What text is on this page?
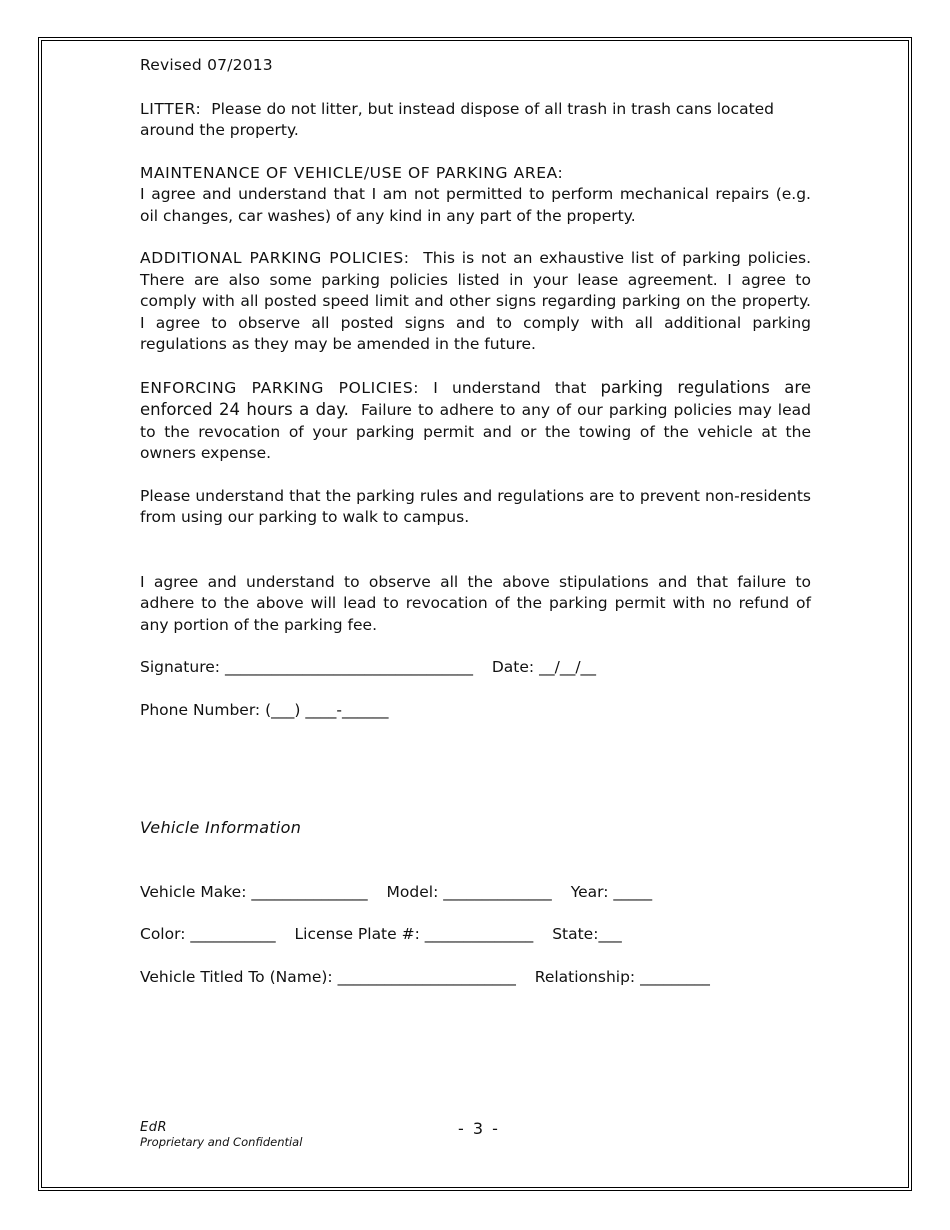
Revised 07/2013

LITTER: Please do not litter, but instead dispose of all trash in trash cans located around the property.

MAINTENANCE OF VEHICLE/USE OF PARKING AREA:
I agree and understand that I am not permitted to perform mechanical repairs (e.g. oil changes, car washes) of any kind in any part of the property.

ADDITIONAL PARKING POLICIES: This is not an exhaustive list of parking policies. There are also some parking policies listed in your lease agreement. I agree to comply with all posted speed limit and other signs regarding parking on the property. I agree to observe all posted signs and to comply with all additional parking regulations as they may be amended in the future.

ENFORCING PARKING POLICIES: I understand that parking regulations are enforced 24 hours a day. Failure to adhere to any of our parking policies may lead to the revocation of your parking permit and or the towing of the vehicle at the owners expense.

Please understand that the parking rules and regulations are to prevent non-residents from using our parking to walk to campus.

I agree and understand to observe all the above stipulations and that failure to adhere to the above will lead to revocation of the parking permit with no refund of any portion of the parking fee.

Signature: ________________________________ Date: __/__/__
Phone Number: (___) ____-______
Vehicle Information
Vehicle Make: _______________ Model: ______________ Year: _____
Color: ___________ License Plate #: ______________ State:___
Vehicle Titled To (Name): _______________________ Relationship: _________
EdR
Proprietary and Confidential
- 3 -
